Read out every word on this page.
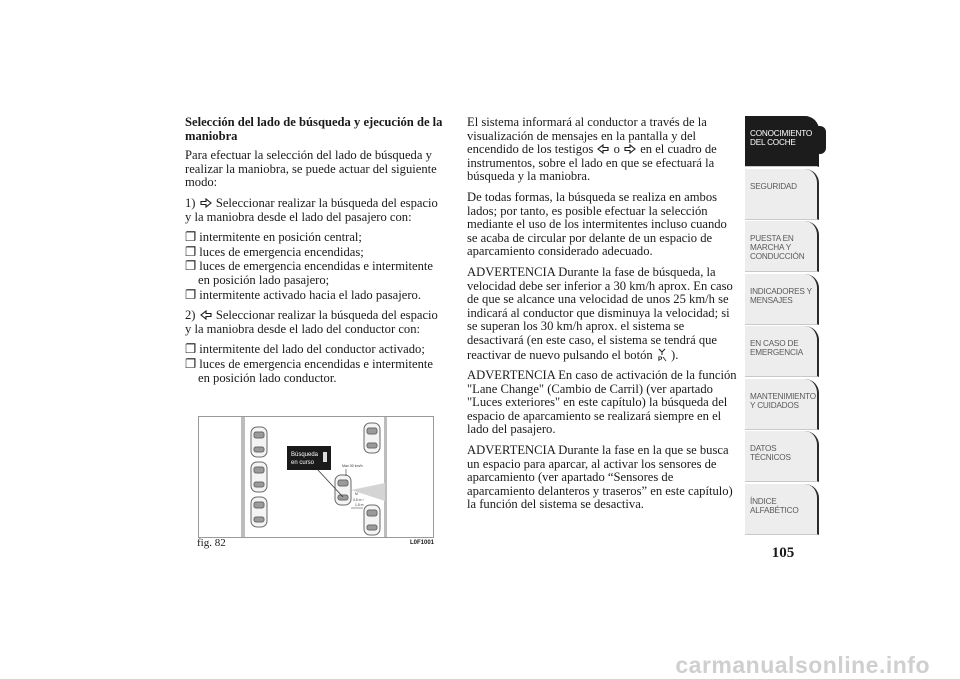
Selección del lado de búsqueda y ejecución de la maniobra

Para efectuar la selección del lado de búsqueda y realizar la maniobra, se puede actuar del siguiente modo:

1) Seleccionar realizar la búsqueda del espacio y la maniobra desde el lado del pasajero con:

❐ intermitente en posición central;

❐ luces de emergencia encendidas;

❐ luces de emergencia encendidas e intermitente en posición lado pasajero;

❐ intermitente activado hacia el lado pasajero.

2) Seleccionar realizar la búsqueda del espacio y la maniobra desde el lado del conductor con:

❐ intermitente del lado del conductor activado;

❐ luces de emergencia encendidas e intermitente en posición lado conductor.

Búsqueda
en curso	Max 30 km/h
M
0,5 m ÷
1,5 m
fig. 82	L0F1001

El sistema informará al conductor a través de la visualización de mensajes en la pantalla y del encendido de los testigos o en el cuadro de instrumentos, sobre el lado en que se efectuará la búsqueda y la maniobra.

De todas formas, la búsqueda se realiza en ambos lados; por tanto, es posible efectuar la selección mediante el uso de los intermitentes incluso cuando se acaba de circular por delante de un espacio de aparcamiento considerado adecuado.

ADVERTENCIA Durante la fase de búsqueda, la velocidad debe ser inferior a 30 km/h aprox. En caso de que se alcance una velocidad de unos 25 km/h se indicará al conductor que disminuya la velocidad; si se superan los 30 km/h aprox. el sistema se desactivará (en este caso, el sistema se tendrá que reactivar de nuevo pulsando el botón P ).

ADVERTENCIA En caso de activación de la función "Lane Change" (Cambio de Carril) (ver apartado "Luces exteriores" en este capítulo) la búsqueda del espacio de aparcamiento se realizará siempre en el lado del pasajero.

ADVERTENCIA Durante la fase en la que se busca un espacio para aparcar, al activar los sensores de aparcamiento (ver apartado “Sensores de aparcamiento delanteros y traseros” en este capítulo) la función del sistema se desactiva.

CONOCIMIENTO DEL COCHE
SEGURIDAD
PUESTA EN MARCHA Y CONDUCCIÓN
INDICADORES Y MENSAJES
EN CASO DE EMERGENCIA
MANTENIMIENTO Y CUIDADOS
DATOS TÉCNICOS
ÍNDICE ALFABÉTICO
105
carmanualsonline.info
